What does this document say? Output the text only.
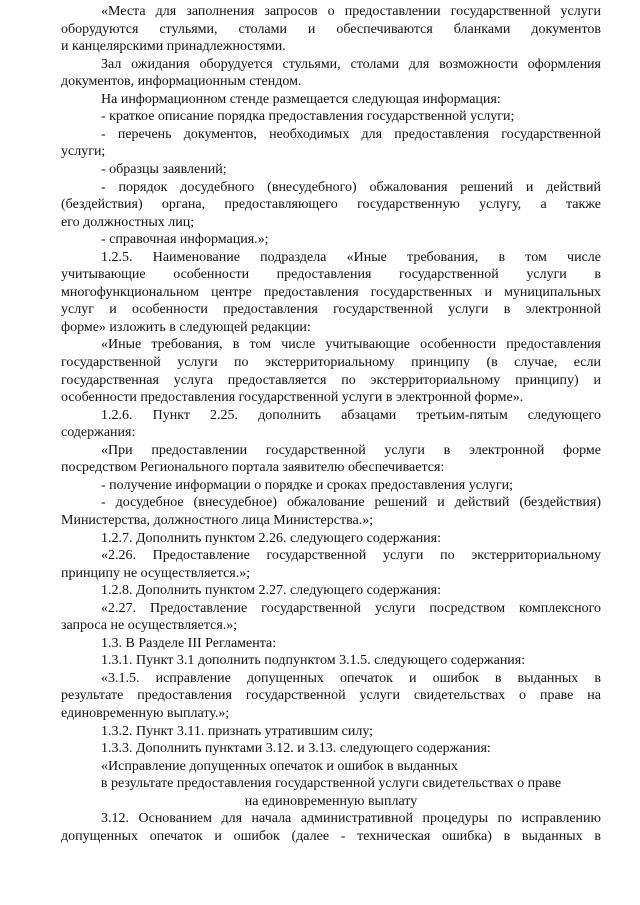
«Места для заполнения запросов о предоставлении государственной услуги
оборудуются стульями, столами и обеспечиваются бланками документов
и канцелярскими принадлежностями.
Зал ожидания оборудуется стульями, столами для возможности оформления
документов, информационным стендом.
На информационном стенде размещается следующая информация:
- краткое описание порядка предоставления государственной услуги;
- перечень документов, необходимых для предоставления государственной
услуги;
- образцы заявлений;
- порядок досудебного (внесудебного) обжалования решений и действий
(бездействия) органа, предоставляющего государственную услугу, а также
его должностных лиц;
- справочная информация.»;
1.2.5. Наименование подраздела «Иные требования, в том числе
учитывающие особенности предоставления государственной услуги в
многофункциональном центре предоставления государственных и муниципальных
услуг и особенности предоставления государственной услуги в электронной
форме» изложить в следующей редакции:
«Иные требования, в том числе учитывающие особенности предоставления
государственной услуги по экстерриториальному принципу (в случае, если
государственная услуга предоставляется по экстерриториальному принципу) и
особенности предоставления государственной услуги в электронной форме».
1.2.6. Пункт 2.25. дополнить абзацами третьим-пятым следующего
содержания:
«При предоставлении государственной услуги в электронной форме
посредством Регионального портала заявителю обеспечивается:
- получение информации о порядке и сроках предоставления услуги;
- досудебное (внесудебное) обжалование решений и действий (бездействия)
Министерства, должностного лица Министерства.»;
1.2.7. Дополнить пунктом 2.26. следующего содержания:
«2.26. Предоставление государственной услуги по экстерриториальному
принципу не осуществляется.»;
1.2.8. Дополнить пунктом 2.27. следующего содержания:
«2.27. Предоставление государственной услуги посредством комплексного
запроса не осуществляется.»;
1.3. В Разделе III Регламента:
1.3.1. Пункт 3.1 дополнить подпунктом 3.1.5. следующего содержания:
«3.1.5. исправление допущенных опечаток и ошибок в выданных в
результате предоставления государственной услуги свидетельствах о праве на
единовременную выплату.»;
1.3.2. Пункт 3.11. признать утратившим силу;
1.3.3. Дополнить пунктами 3.12. и 3.13. следующего содержания:
«Исправление допущенных опечаток и ошибок в выданных
в результате предоставления государственной услуги свидетельствах о праве
на единовременную выплату
3.12. Основанием для начала административной процедуры по исправлению
допущенных опечаток и ошибок (далее - техническая ошибка) в выданных в
